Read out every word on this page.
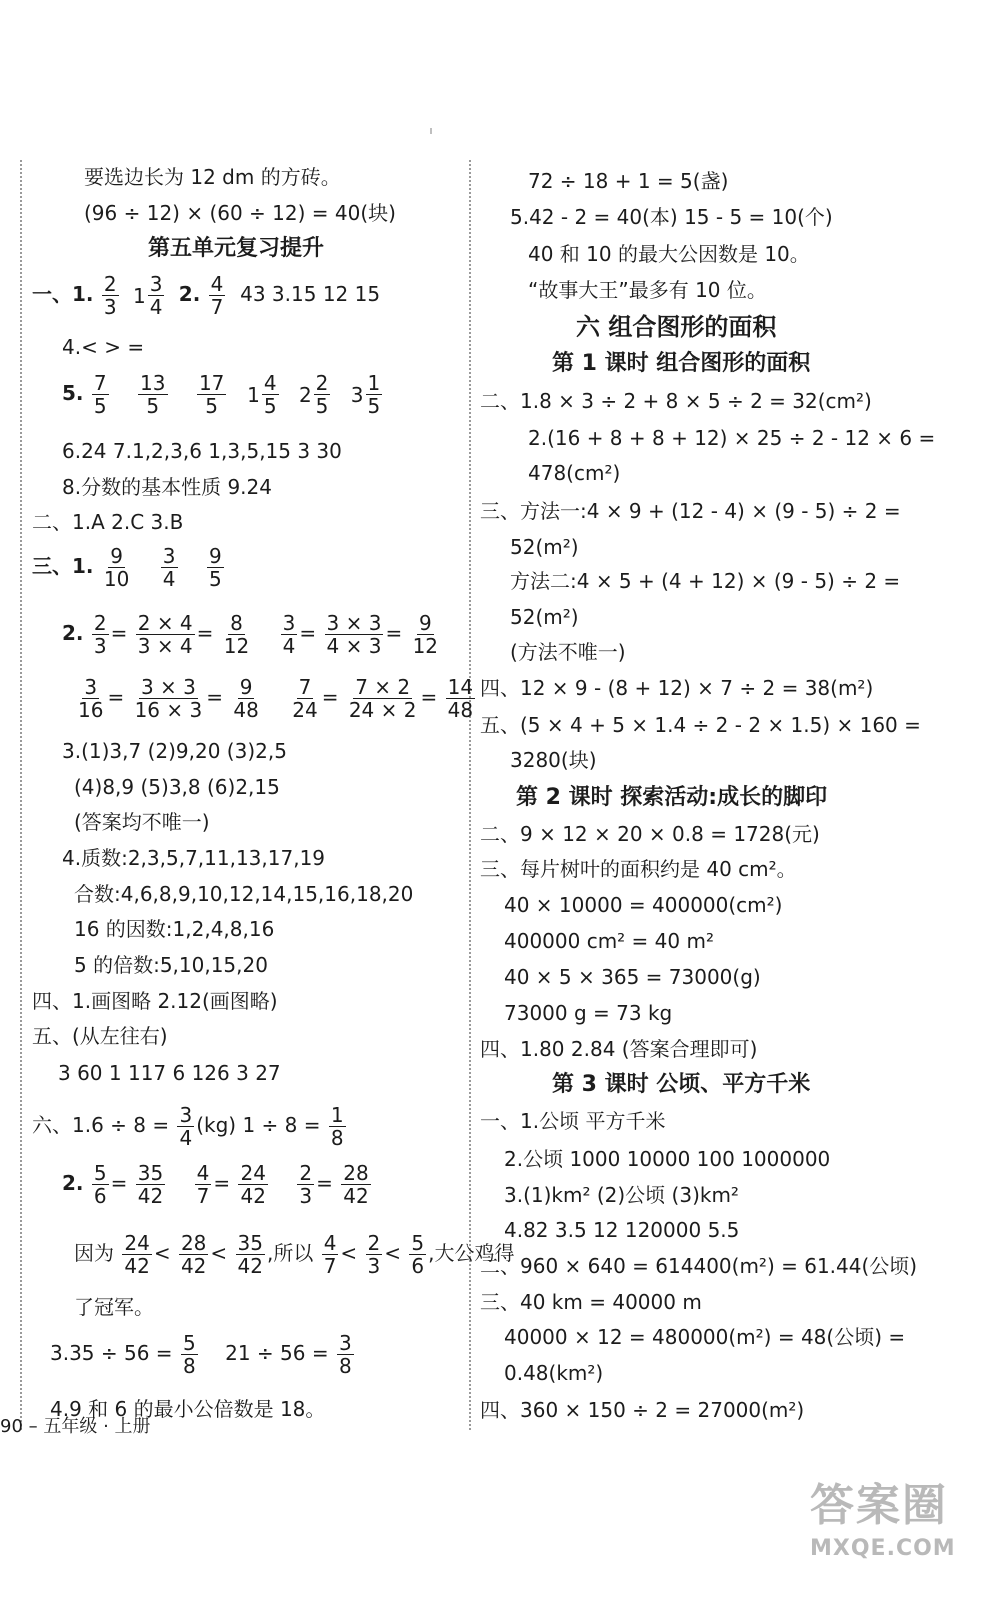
要选边长为 12 dm 的方砖。
(96 ÷ 12) × (60 ÷ 12) = 40(块)
第五单元复习提升
一、1. $\frac{2}{3}$
1 3
4
2. $\frac{4}{7} 43$ 3.15 12 15
4.< > =
5. $\frac{7}{5}$
$\frac{13}{5}$
$\frac{17}{5}$
1 4
5
2 2
5
3 1
5
6.24 7.1,2,3,6 1,3,5,15 3 30
8.分数的基本性质 9.24
二、1.A 2.C 3.B
三、1. $\frac{9}{10}$
$\frac{3}{4}$
$\frac{9}{5}$
2. $\frac{2}{3} = \frac{2 \times 4}{3 \times 4} = \frac{8}{12}$
$\frac{3}{4} = \frac{3 \times 3}{4 \times 3} = \frac{9}{12}$
$\frac{3}{16} = \frac{3 \times 3}{16 \times 3} = \frac{9}{48}$
$\frac{7}{24} = \frac{7 \times 2}{24 \times 2} = \frac{14}{48}$
3.(1)3,7 (2)9,20 (3)2,5
(4)8,9 (5)3,8 (6)2,15
(答案均不唯一)
4.质数:2,3,5,7,11,13,17,19
合数:4,6,8,9,10,12,14,15,16,18,20
16 的因数:1,2,4,8,16
5 的倍数:5,10,15,20
四、1.画图略 2.12(画图略)
五、(从左往右)
3 60 1 117 6 126 3 27
六、$1.6 \div 8 = \frac{3}{4} (kg) 1 \div 8 = \frac{1}{8}$
2. $\frac{5}{6} = \frac{35}{42}$
$\frac{4}{7} = \frac{24}{42}$
$\frac{2}{3} = \frac{28}{42}$
因为 $\frac{24}{42} < \frac{28}{42} < \frac{35}{42}$ ,所以 $\frac{4}{7} < \frac{2}{3} < \frac{5}{6}$ ,大公鸡得
了冠军。
$3.35 \div 56 = \frac{5}{8} 21 \div 56 = \frac{3}{8}$
4.9 和 6 的最小公倍数是 18。
72 ÷ 18 + 1 = 5(盏)
5.42 - 2 = 40(本) 15 - 5 = 10(个)
40 和 10 的最大公因数是 10。
“故事大王”最多有 10 位。
六 组合图形的面积
第 1 课时 组合图形的面积
二、1.8 × 3 ÷ 2 + 8 × 5 ÷ 2 = 32(cm²)
2.(16 + 8 + 8 + 12) × 25 ÷ 2 - 12 × 6 =
478(cm²)
三、方法一:4 × 9 + (12 - 4) × (9 - 5) ÷ 2 =
52(m²)
方法二:4 × 5 + (4 + 12) × (9 - 5) ÷ 2 =
52(m²)
(方法不唯一)
四、12 × 9 - (8 + 12) × 7 ÷ 2 = 38(m²)
五、(5 × 4 + 5 × 1.4 ÷ 2 - 2 × 1.5) × 160 =
3280(块)
第 2 课时 探索活动:成长的脚印
二、9 × 12 × 20 × 0.8 = 1728(元)
三、每片树叶的面积约是 40 cm²。
40 × 10000 = 400000(cm²)
400000 cm² = 40 m²
40 × 5 × 365 = 73000(g)
73000 g = 73 kg
四、1.80 2.84 (答案合理即可)
第 3 课时 公顷、平方千米
一、1.公顷 平方千米
2.公顷 1000 10000 100 1000000
3.(1)km² (2)公顷 (3)km²
4.82 3.5 12 120000 5.5
二、960 × 640 = 614400(m²) = 61.44(公顷)
三、40 km = 40000 m
40000 × 12 = 480000(m²) = 48(公顷) =
0.48(km²)
四、360 × 150 ÷ 2 = 27000(m²)
90 – 五年级 · 上册
答案圈
MXQE.COM
